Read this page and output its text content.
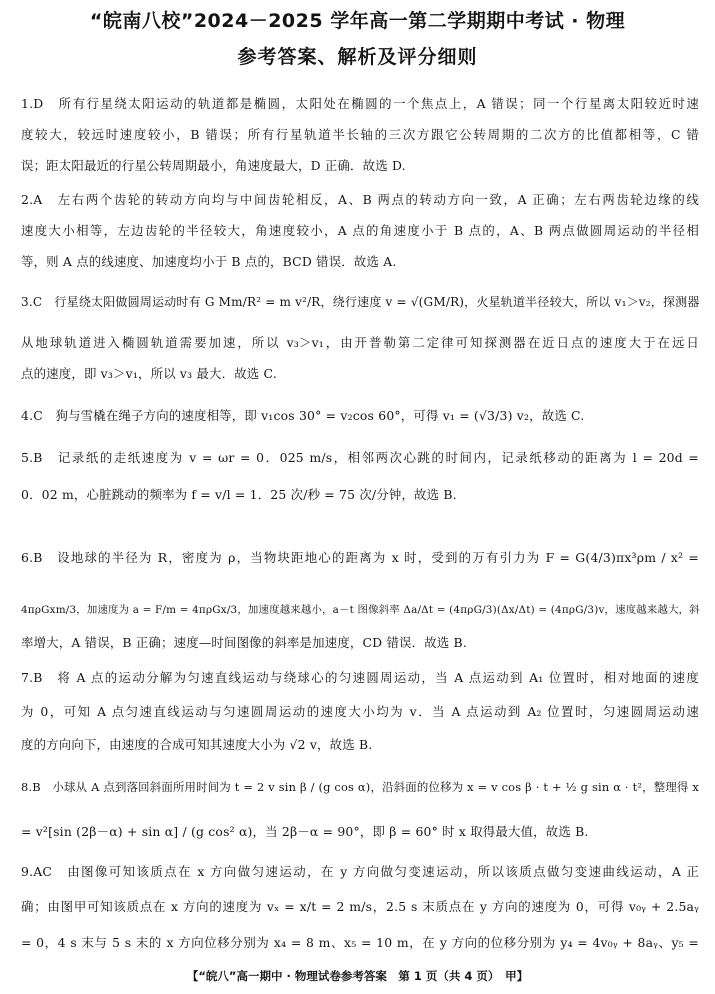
“皖南八校”2024－2025 学年高一第二学期期中考试 · 物理
参考答案、解析及评分细则
1.D　所有行星绕太阳运动的轨道都是椭圆，太阳处在椭圆的一个焦点上，A 错误；同一个行星离太阳较近时速
度较大，较远时速度较小，B 错误；所有行星轨道半长轴的三次方跟它公转周期的二次方的比值都相等，C 错
误；距太阳最近的行星公转周期最小，角速度最大，D 正确．故选 D.
2.A　左右两个齿轮的转动方向均与中间齿轮相反，A、B 两点的转动方向一致，A 正确；左右两齿轮边缘的线
速度大小相等，左边齿轮的半径较大，角速度较小，A 点的角速度小于 B 点的，A、B 两点做圆周运动的半径相
等，则 A 点的线速度、加速度均小于 B 点的，BCD 错误．故选 A.
3.C　行星绕太阳做圆周运动时有 G Mm/R² = m v²/R，绕行速度 v = √(GM/R)，火星轨道半径较大，所以 v₁＞v₂，探测器
从地球轨道进入椭圆轨道需要加速，所以 v₃＞v₁，由开普勒第二定律可知探测器在近日点的速度大于在远日
点的速度，即 v₃＞v₁，所以 v₃ 最大．故选 C.
4.C　狗与雪橇在绳子方向的速度相等，即 v₁cos 30° = v₂cos 60°，可得 v₁ = (√3/3) v₂，故选 C.
5.B　记录纸的走纸速度为 v = ωr = 0．025 m/s，相邻两次心跳的时间内，记录纸移动的距离为 l = 20d =
0．02 m，心脏跳动的频率为 f = v/l = 1．25 次/秒 = 75 次/分钟，故选 B.
6.B　设地球的半径为 R，密度为 ρ，当物块距地心的距离为 x 时，受到的万有引力为 F = G(4/3)πx³ρm / x² =
4πρGxm/3，加速度为 a = F/m = 4πρGx/3，加速度越来越小，a－t 图像斜率 Δa/Δt = (4πρG/3)(Δx/Δt) = (4πρG/3)v，速度越来越大，斜
率增大，A 错误，B 正确；速度—时间图像的斜率是加速度，CD 错误．故选 B.
7.B　将 A 点的运动分解为匀速直线运动与绕球心的匀速圆周运动，当 A 点运动到 A₁ 位置时，相对地面的速度
为 0，可知 A 点匀速直线运动与匀速圆周运动的速度大小均为 v．当 A 点运动到 A₂ 位置时，匀速圆周运动速
度的方向向下，由速度的合成可知其速度大小为 √2 v，故选 B.
8.B　小球从 A 点到落回斜面所用时间为 t = 2 v sin β / (g cos α)，沿斜面的位移为 x = v cos β · t + ½ g sin α · t²，整理得 x
= v²[sin (2β－α) + sin α] / (g cos² α)，当 2β－α = 90°，即 β = 60° 时 x 取得最大值，故选 B.
9.AC　由图像可知该质点在 x 方向做匀速运动，在 y 方向做匀变速运动，所以该质点做匀变速曲线运动，A 正
确；由图甲可知该质点在 x 方向的速度为 vₓ = x/t = 2 m/s，2.5 s 末质点在 y 方向的速度为 0，可得 v₀ᵧ + 2.5aᵧ
= 0，4 s 末与 5 s 末的 x 方向位移分别为 x₄ = 8 m、x₅ = 10 m，在 y 方向的位移分别为 y₄ = 4v₀ᵧ + 8aᵧ、y₅ =
【“皖八”高一期中 · 物理试卷参考答案　第 1 页（共 4 页）　甲】
